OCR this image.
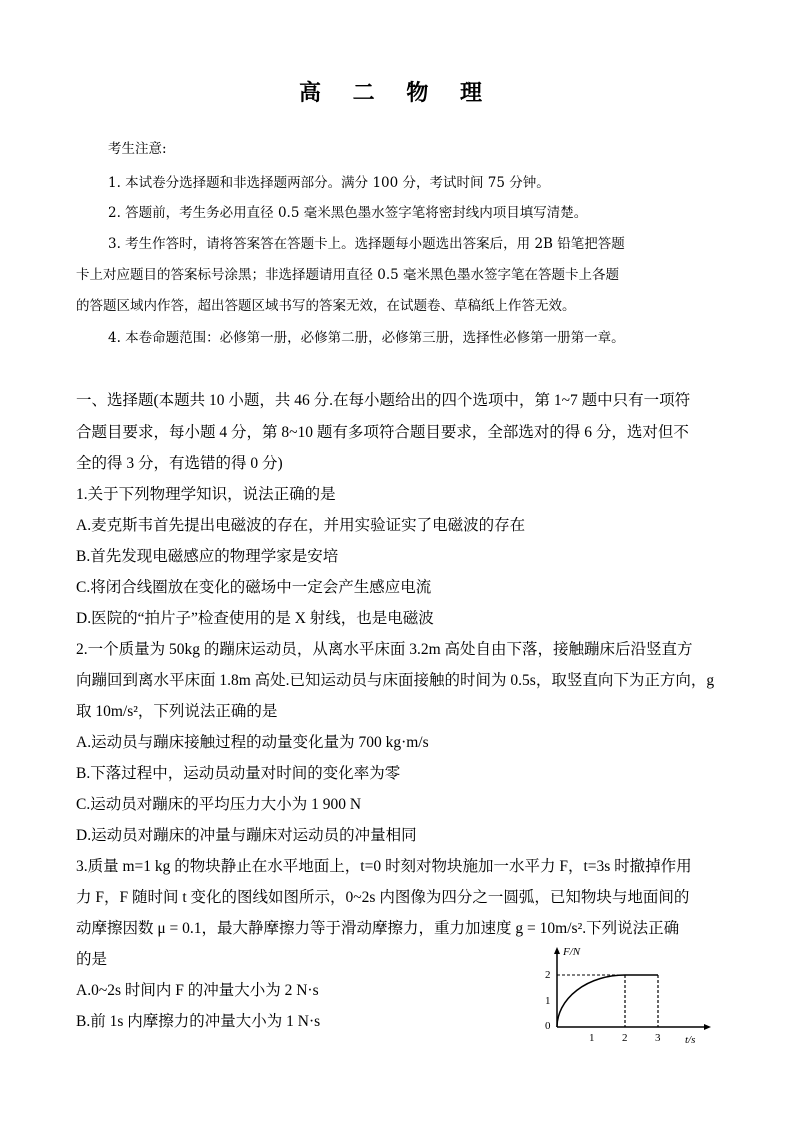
高 二 物 理
考生注意:
1. 本试卷分选择题和非选择题两部分。满分 100 分，考试时间 75 分钟。
2. 答题前，考生务必用直径 0.5 毫米黑色墨水签字笔将密封线内项目填写清楚。
3. 考生作答时，请将答案答在答题卡上。选择题每小题选出答案后，用 2B 铅笔把答题
卡上对应题目的答案标号涂黑；非选择题请用直径 0.5 毫米黑色墨水签字笔在答题卡上各题
的答题区域内作答，超出答题区域书写的答案无效，在试题卷、草稿纸上作答无效。
4. 本卷命题范围：必修第一册，必修第二册，必修第三册，选择性必修第一册第一章。
一、选择题(本题共 10 小题，共 46 分.在每小题给出的四个选项中，第 1~7 题中只有一项符
合题目要求，每小题 4 分，第 8~10 题有多项符合题目要求，全部选对的得 6 分，选对但不
全的得 3 分，有选错的得 0 分)
1.关于下列物理学知识，说法正确的是
A.麦克斯韦首先提出电磁波的存在，并用实验证实了电磁波的存在
B.首先发现电磁感应的物理学家是安培
C.将闭合线圈放在变化的磁场中一定会产生感应电流
D.医院的“拍片子”检查使用的是 X 射线，也是电磁波
2.一个质量为 50kg 的蹦床运动员，从离水平床面 3.2m 高处自由下落，接触蹦床后沿竖直方
向蹦回到离水平床面 1.8m 高处.已知运动员与床面接触的时间为 0.5s，取竖直向下为正方向，g
取 10m/s²，下列说法正确的是
A.运动员与蹦床接触过程的动量变化量为 700 kg·m/s
B.下落过程中，运动员动量对时间的变化率为零
C.运动员对蹦床的平均压力大小为 1 900 N
D.运动员对蹦床的冲量与蹦床对运动员的冲量相同
3.质量 m=1 kg 的物块静止在水平地面上，t=0 时刻对物块施加一水平力 F，t=3s 时撤掉作用
力 F，F 随时间 t 变化的图线如图所示，0~2s 内图像为四分之一圆弧，已知物块与地面间的
动摩擦因数 μ = 0.1，最大静摩擦力等于滑动摩擦力，重力加速度 g = 10m/s².下列说法正确
的是
A.0~2s 时间内 F 的冲量大小为 2 N·s
B.前 1s 内摩擦力的冲量大小为 1 N·s
F/N
t/s
2
1
0
1	2	3
